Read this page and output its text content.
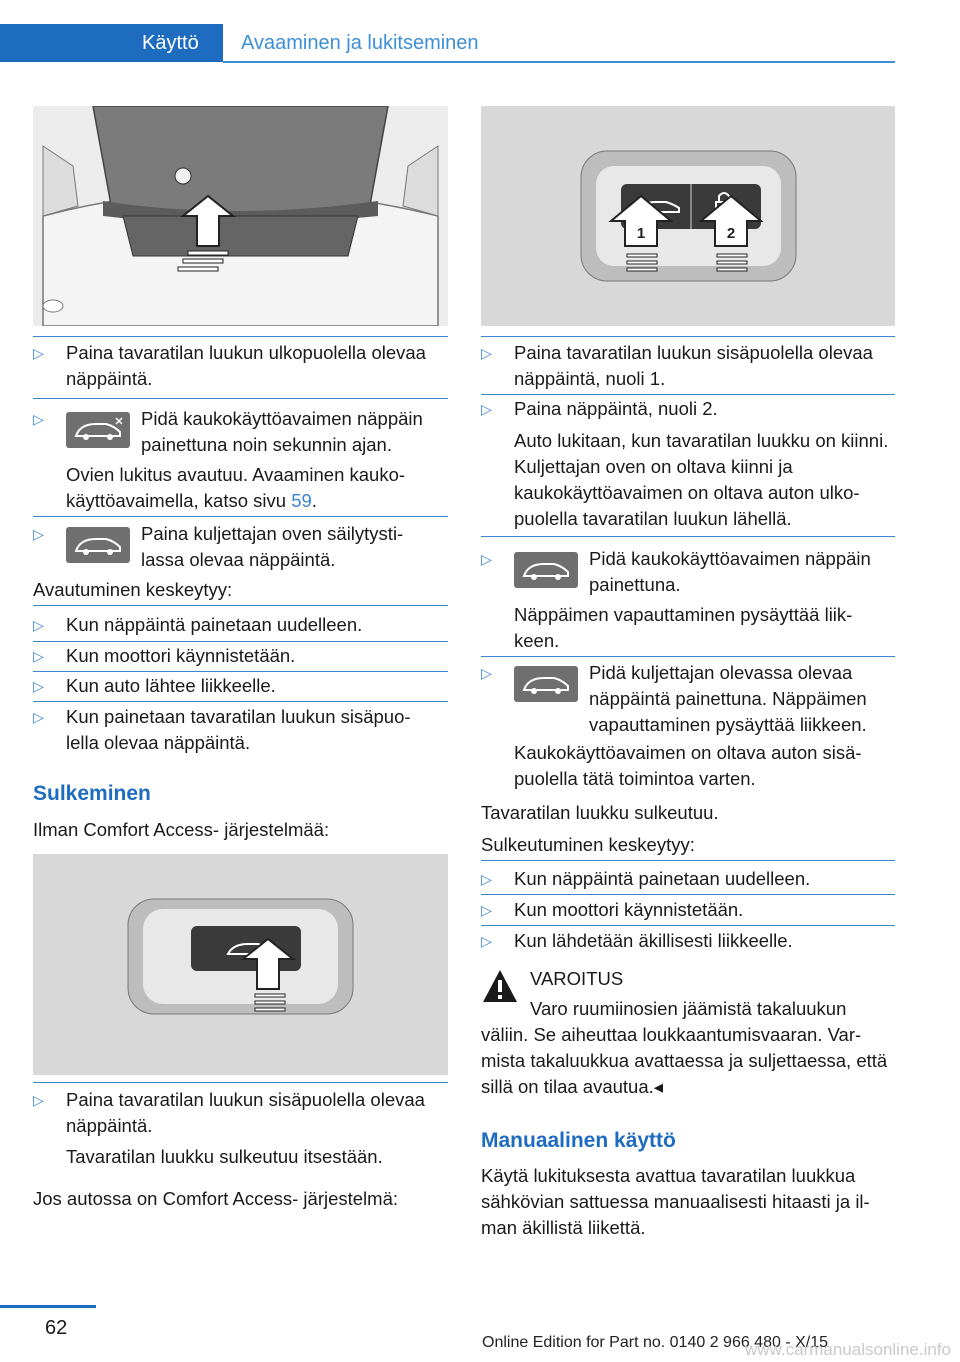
Käyttö Avaaminen ja lukitseminen
▷ Paina tavaratilan luukun ulkopuolella olevaa näppäintä.
▷	Pidä kaukokäyttöavaimen näppäin painettuna noin sekunnin ajan.
Ovien lukitus avautuu. Avaaminen kauko- käyttöavaimella, katso sivu 59.
▷	Paina kuljettajan oven säilytysti- lassa olevaa näppäintä.
Avautuminen keskeytyy:
▷ Kun näppäintä painetaan uudelleen.
▷ Kun moottori käynnistetään.
▷ Kun auto lähtee liikkeelle.
▷ Kun painetaan tavaratilan luukun sisäpuo- lella olevaa näppäintä.
Sulkeminen
Ilman Comfort Access- järjestelmää:
▷ Paina tavaratilan luukun sisäpuolella olevaa näppäintä.
Tavaratilan luukku sulkeutuu itsestään.
Jos autossa on Comfort Access- järjestelmä:
1	2
▷ Paina tavaratilan luukun sisäpuolella olevaa näppäintä, nuoli 1.
▷ Paina näppäintä, nuoli 2.
Auto lukitaan, kun tavaratilan luukku on kiinni. Kuljettajan oven on oltava kiinni ja kaukokäyttöavaimen on oltava auton ulko- puolella tavaratilan luukun lähellä.
▷	Pidä kaukokäyttöavaimen näppäin painettuna.
Näppäimen vapauttaminen pysäyttää liik- keen.
▷	Pidä kuljettajan olevassa olevaa näppäintä painettuna. Näppäimen vapauttaminen pysäyttää liikkeen.
Kaukokäyttöavaimen on oltava auton sisä- puolella tätä toimintoa varten.
Tavaratilan luukku sulkeutuu.
Sulkeutuminen keskeytyy:
▷ Kun näppäintä painetaan uudelleen.
▷ Kun moottori käynnistetään.
▷ Kun lähdetään äkillisesti liikkeelle.
VAROITUS
Varo ruumiinosien jäämistä takaluukun väliin. Se aiheuttaa loukkaantumisvaaran. Var- mista takaluukkua avattaessa ja suljettaessa, että sillä on tilaa avautua.◂
Manuaalinen käyttö
Käytä lukituksesta avattua tavaratilan luukkua sähkövian sattuessa manuaalisesti hitaasti ja il- man äkillistä liikettä.
62
Online Edition for Part no. 0140 2 966 480 - X/15
www.carmanualsonline.info
